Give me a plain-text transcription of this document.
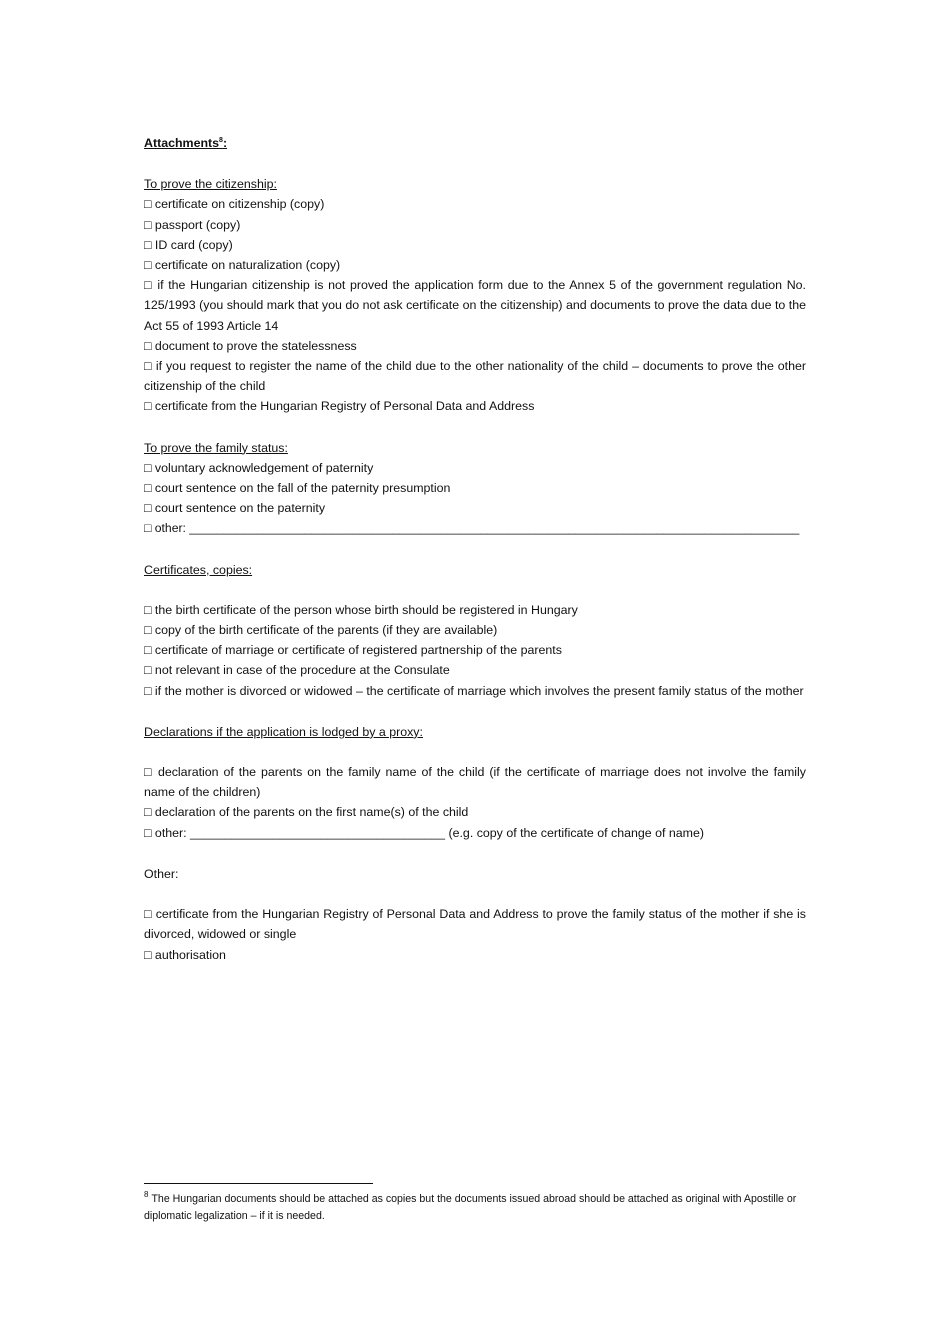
Attachments$^8$:

To prove the citizenship:

□ certificate on citizenship (copy)

□ passport (copy)

□ ID card (copy)

□ certificate on naturalization (copy)

□ if the Hungarian citizenship is not proved the application form due to the Annex 5 of the government regulation No. 125/1993 (you should mark that you do not ask certificate on the citizenship) and documents to prove the data due to the Act 55 of 1993 Article 14

□ document to prove the statelessness

□ if you request to register the name of the child due to the other nationality of the child – documents to prove the other citizenship of the child

□ certificate from the Hungarian Registry of Personal Data and Address

To prove the family status:

□ voluntary acknowledgement of paternity

□ court sentence on the fall of the paternity presumption

□ court sentence on the paternity

□ other: __________________________________________________________________________________________

Certificates, copies:

□ the birth certificate of the person whose birth should be registered in Hungary

□ copy of the birth certificate of the parents (if they are available)

□ certificate of marriage or certificate of registered partnership of the parents

□ not relevant in case of the procedure at the Consulate

□ if the mother is divorced or widowed – the certificate of marriage which involves the present family status of the mother

Declarations if the application is lodged by a proxy:

□ declaration of the parents on the family name of the child (if the certificate of marriage does not involve the family name of the children)

□ declaration of the parents on the first name(s) of the child

□ other: _____________________________________ (e.g. copy of the certificate of change of name)

Other:

□ certificate from the Hungarian Registry of Personal Data and Address to prove the family status of the mother if she is divorced, widowed or single

□ authorisation

$^8$ The Hungarian documents should be attached as copies but the documents issued abroad should be attached as original with Apostille or diplomatic legalization – if it is needed.
